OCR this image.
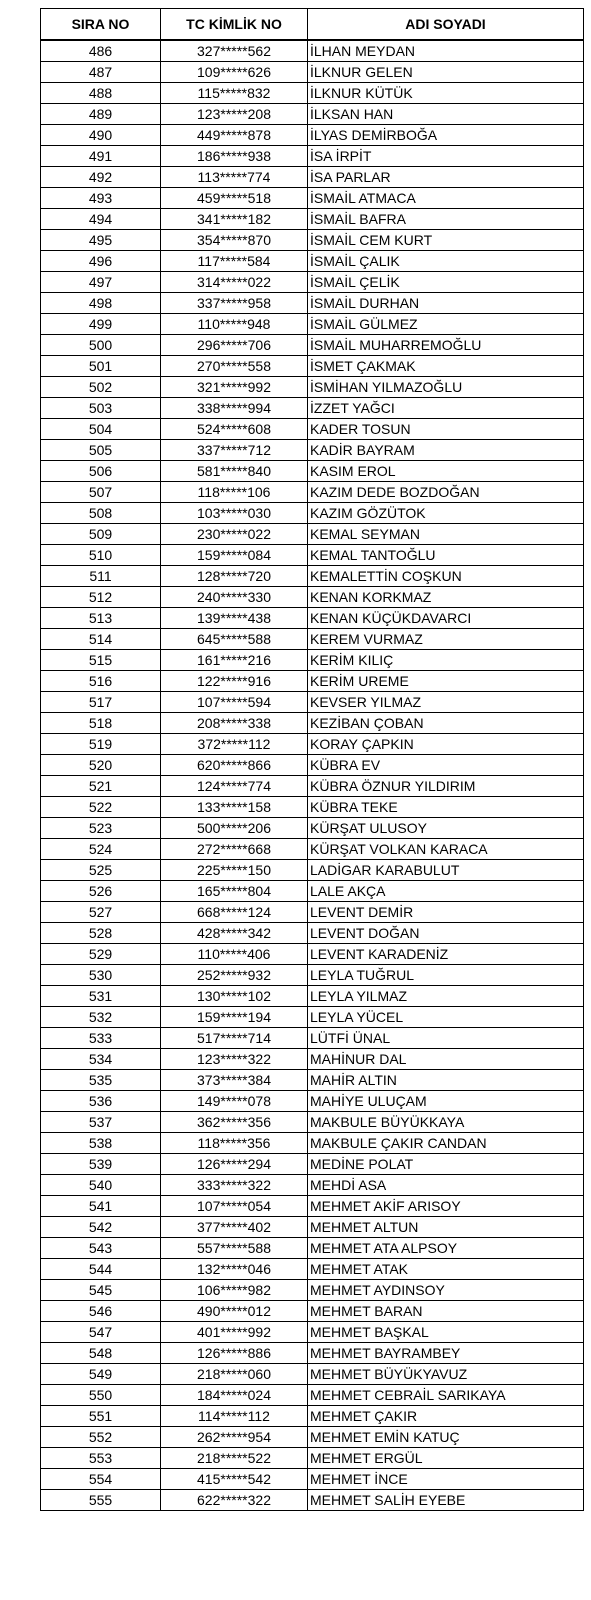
SIRA NO	TC KİMLİK NO	ADI SOYADI
486	327*****562	İLHAN MEYDAN
487	109*****626	İLKNUR GELEN
488	115*****832	İLKNUR KÜTÜK
489	123*****208	İLKSAN HAN
490	449*****878	İLYAS DEMİRBOĞA
491	186*****938	İSA İRPİT
492	113*****774	İSA PARLAR
493	459*****518	İSMAİL ATMACA
494	341*****182	İSMAİL BAFRA
495	354*****870	İSMAİL CEM KURT
496	117*****584	İSMAİL ÇALIK
497	314*****022	İSMAİL ÇELİK
498	337*****958	İSMAİL DURHAN
499	110*****948	İSMAİL GÜLMEZ
500	296*****706	İSMAİL MUHARREMOĞLU
501	270*****558	İSMET ÇAKMAK
502	321*****992	İSMİHAN YILMAZOĞLU
503	338*****994	İZZET YAĞCI
504	524*****608	KADER TOSUN
505	337*****712	KADİR BAYRAM
506	581*****840	KASIM EROL
507	118*****106	KAZIM DEDE BOZDOĞAN
508	103*****030	KAZIM GÖZÜTOK
509	230*****022	KEMAL SEYMAN
510	159*****084	KEMAL TANTOĞLU
511	128*****720	KEMALETTİN COŞKUN
512	240*****330	KENAN KORKMAZ
513	139*****438	KENAN KÜÇÜKDAVARCI
514	645*****588	KEREM VURMAZ
515	161*****216	KERİM KILIÇ
516	122*****916	KERİM UREME
517	107*****594	KEVSER YILMAZ
518	208*****338	KEZİBAN ÇOBAN
519	372*****112	KORAY ÇAPKIN
520	620*****866	KÜBRA EV
521	124*****774	KÜBRA ÖZNUR YILDIRIM
522	133*****158	KÜBRA TEKE
523	500*****206	KÜRŞAT ULUSOY
524	272*****668	KÜRŞAT VOLKAN KARACA
525	225*****150	LADİGAR KARABULUT
526	165*****804	LALE AKÇA
527	668*****124	LEVENT DEMİR
528	428*****342	LEVENT DOĞAN
529	110*****406	LEVENT KARADENİZ
530	252*****932	LEYLA TUĞRUL
531	130*****102	LEYLA YILMAZ
532	159*****194	LEYLA YÜCEL
533	517*****714	LÜTFİ ÜNAL
534	123*****322	MAHİNUR DAL
535	373*****384	MAHİR ALTIN
536	149*****078	MAHİYE ULUÇAM
537	362*****356	MAKBULE BÜYÜKKAYA
538	118*****356	MAKBULE ÇAKIR CANDAN
539	126*****294	MEDİNE POLAT
540	333*****322	MEHDİ ASA
541	107*****054	MEHMET AKİF ARISOY
542	377*****402	MEHMET ALTUN
543	557*****588	MEHMET ATA ALPSOY
544	132*****046	MEHMET ATAK
545	106*****982	MEHMET AYDINSOY
546	490*****012	MEHMET BARAN
547	401*****992	MEHMET BAŞKAL
548	126*****886	MEHMET BAYRAMBEY
549	218*****060	MEHMET BÜYÜKYAVUZ
550	184*****024	MEHMET CEBRAİL SARIKAYA
551	114*****112	MEHMET ÇAKIR
552	262*****954	MEHMET EMİN KATUÇ
553	218*****522	MEHMET ERGÜL
554	415*****542	MEHMET İNCE
555	622*****322	MEHMET SALİH EYEBE
